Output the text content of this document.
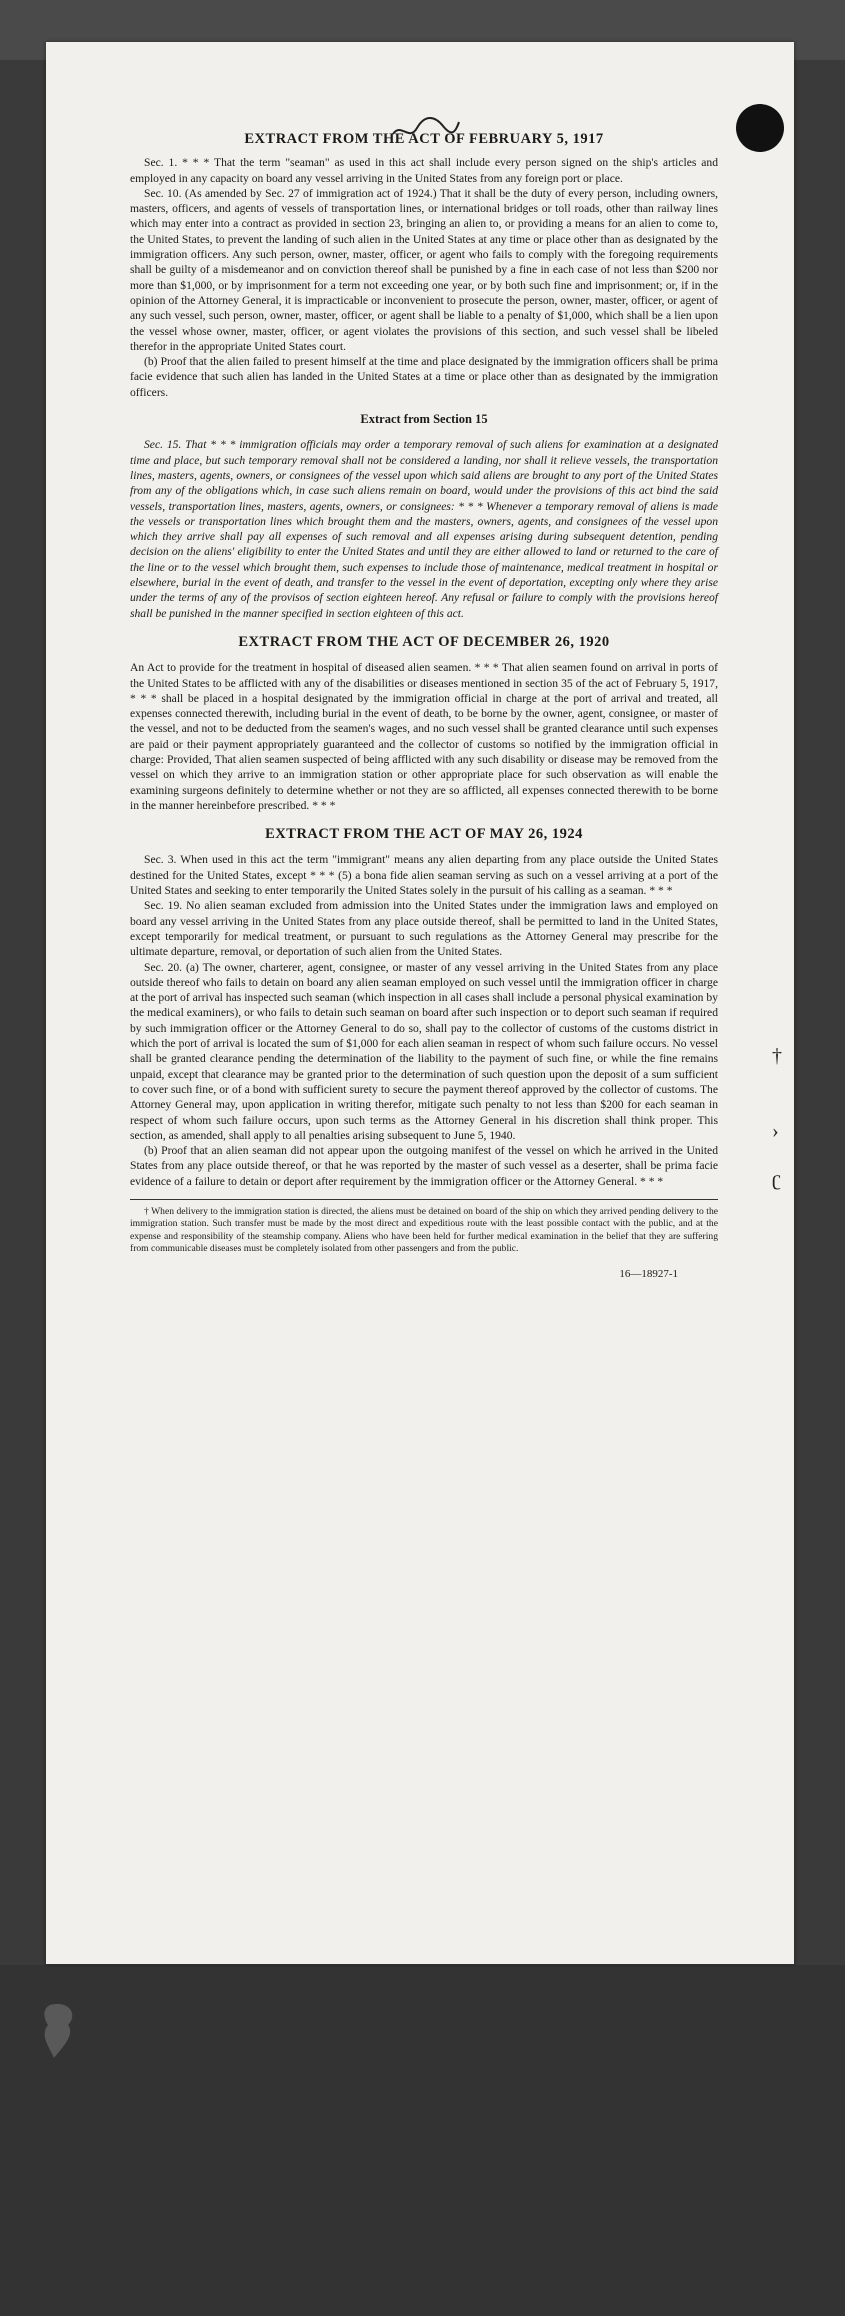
EXTRACT FROM THE ACT OF FEBRUARY 5, 1917

Sec. 1. * * * That the term "seaman" as used in this act shall include every person signed on the ship's articles and employed in any capacity on board any vessel arriving in the United States from any foreign port or place.

Sec. 10. (As amended by Sec. 27 of immigration act of 1924.) That it shall be the duty of every person, including owners, masters, officers, and agents of vessels of transportation lines, or international bridges or toll roads, other than railway lines which may enter into a contract as provided in section 23, bringing an alien to, or providing a means for an alien to come to, the United States, to prevent the landing of such alien in the United States at any time or place other than as designated by the immigration officers. Any such person, owner, master, officer, or agent who fails to comply with the foregoing requirements shall be guilty of a misdemeanor and on conviction thereof shall be punished by a fine in each case of not less than $200 nor more than $1,000, or by imprisonment for a term not exceeding one year, or by both such fine and imprisonment; or, if in the opinion of the Attorney General, it is impracticable or inconvenient to prosecute the person, owner, master, officer, or agent of any such vessel, such person, owner, master, officer, or agent shall be liable to a penalty of $1,000, which shall be a lien upon the vessel whose owner, master, officer, or agent violates the provisions of this section, and such vessel shall be libeled therefor in the appropriate United States court.

(b) Proof that the alien failed to present himself at the time and place designated by the immigration officers shall be prima facie evidence that such alien has landed in the United States at a time or place other than as designated by the immigration officers.

Extract from Section 15

Sec. 15. That * * * immigration officials may order a temporary removal of such aliens for examination at a designated time and place, but such temporary removal shall not be considered a landing, nor shall it relieve vessels, the transportation lines, masters, agents, owners, or consignees of the vessel upon which said aliens are brought to any port of the United States from any of the obligations which, in case such aliens remain on board, would under the provisions of this act bind the said vessels, transportation lines, masters, agents, owners, or consignees: * * * Whenever a temporary removal of aliens is made the vessels or transportation lines which brought them and the masters, owners, agents, and consignees of the vessel upon which they arrive shall pay all expenses of such removal and all expenses arising during subsequent detention, pending decision on the aliens' eligibility to enter the United States and until they are either allowed to land or returned to the care of the line or to the vessel which brought them, such expenses to include those of maintenance, medical treatment in hospital or elsewhere, burial in the event of death, and transfer to the vessel in the event of deportation, excepting only where they arise under the terms of any of the provisos of section eighteen hereof. Any refusal or failure to comply with the provisions hereof shall be punished in the manner specified in section eighteen of this act.

EXTRACT FROM THE ACT OF DECEMBER 26, 1920

An Act to provide for the treatment in hospital of diseased alien seamen. * * * That alien seamen found on arrival in ports of the United States to be afflicted with any of the disabilities or diseases mentioned in section 35 of the act of February 5, 1917, * * * shall be placed in a hospital designated by the immigration official in charge at the port of arrival and treated, all expenses connected therewith, including burial in the event of death, to be borne by the owner, agent, consignee, or master of the vessel, and not to be deducted from the seamen's wages, and no such vessel shall be granted clearance until such expenses are paid or their payment appropriately guaranteed and the collector of customs so notified by the immigration official in charge: Provided, That alien seamen suspected of being afflicted with any such disability or disease may be removed from the vessel on which they arrive to an immigration station or other appropriate place for such observation as will enable the examining surgeons definitely to determine whether or not they are so afflicted, all expenses connected therewith to be borne in the manner hereinbefore prescribed. * * *

EXTRACT FROM THE ACT OF MAY 26, 1924

Sec. 3. When used in this act the term "immigrant" means any alien departing from any place outside the United States destined for the United States, except * * * (5) a bona fide alien seaman serving as such on a vessel arriving at a port of the United States and seeking to enter temporarily the United States solely in the pursuit of his calling as a seaman. * * *

Sec. 19. No alien seaman excluded from admission into the United States under the immigration laws and employed on board any vessel arriving in the United States from any place outside thereof, shall be permitted to land in the United States, except temporarily for medical treatment, or pursuant to such regulations as the Attorney General may prescribe for the ultimate departure, removal, or deportation of such alien from the United States.

Sec. 20. (a) The owner, charterer, agent, consignee, or master of any vessel arriving in the United States from any place outside thereof who fails to detain on board any alien seaman employed on such vessel until the immigration officer in charge at the port of arrival has inspected such seaman (which inspection in all cases shall include a personal physical examination by the medical examiners), or who fails to detain such seaman on board after such inspection or to deport such seaman if required by such immigration officer or the Attorney General to do so, shall pay to the collector of customs of the customs district in which the port of arrival is located the sum of $1,000 for each alien seaman in respect of whom such failure occurs. No vessel shall be granted clearance pending the determination of the liability to the payment of such fine, or while the fine remains unpaid, except that clearance may be granted prior to the determination of such question upon the deposit of a sum sufficient to cover such fine, or of a bond with sufficient surety to secure the payment thereof approved by the collector of customs. The Attorney General may, upon application in writing therefor, mitigate such penalty to not less than $200 for each seaman in respect of whom such failure occurs, upon such terms as the Attorney General in his discretion shall think proper. This section, as amended, shall apply to all penalties arising subsequent to June 5, 1940.

(b) Proof that an alien seaman did not appear upon the outgoing manifest of the vessel on which he arrived in the United States from any place outside thereof, or that he was reported by the master of such vessel as a deserter, shall be prima facie evidence of a failure to detain or deport after requirement by the immigration officer or the Attorney General. * * *

† When delivery to the immigration station is directed, the aliens must be detained on board of the ship on which they arrived pending delivery to the immigration station. Such transfer must be made by the most direct and expeditious route with the least possible contact with the public, and at the expense and responsibility of the steamship company. Aliens who have been held for further medical examination in the belief that they are suffering from communicable diseases must be completely isolated from other passengers and from the public.

16—18927-1
†
›
ʗ
